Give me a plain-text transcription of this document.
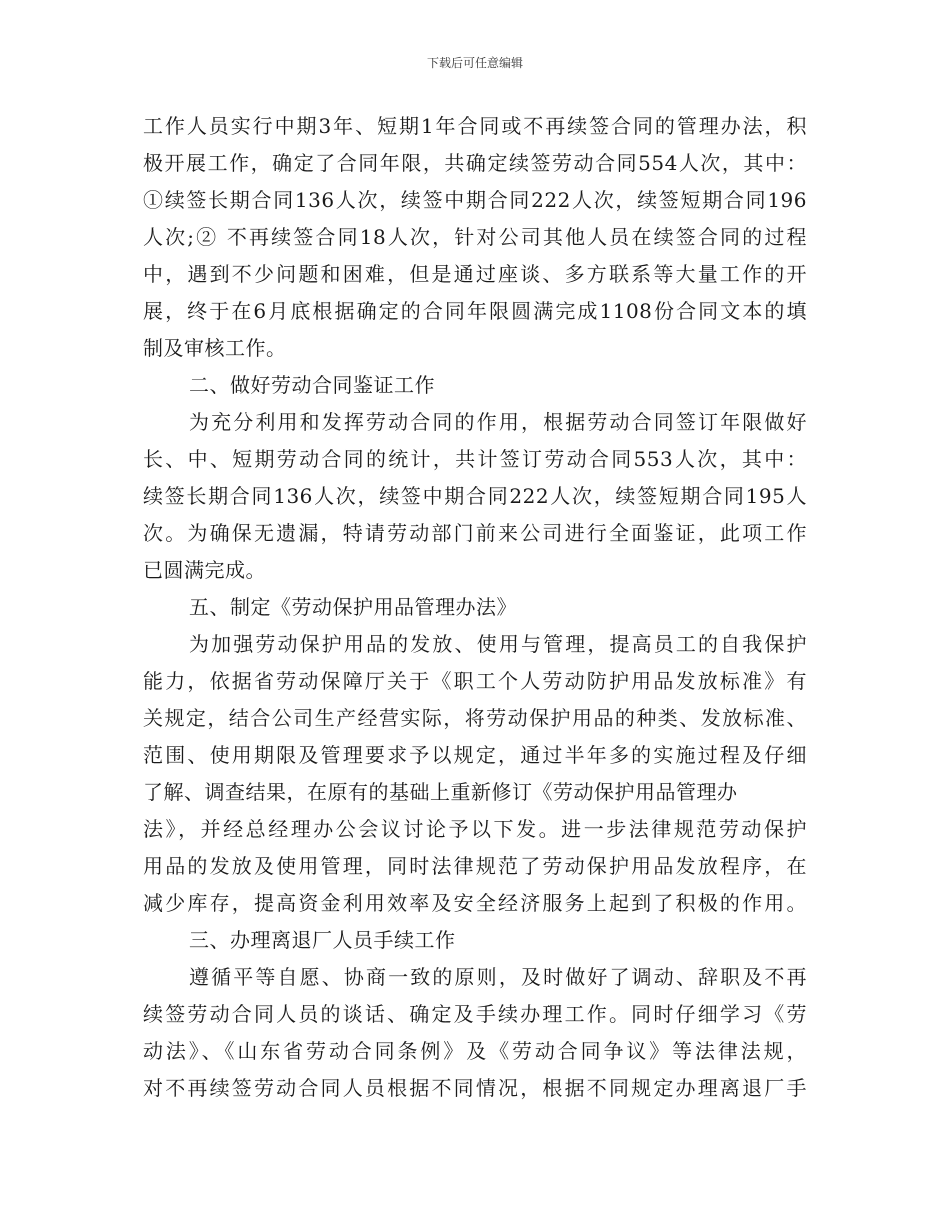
下载后可任意编辑
工作人员实行中期3年、短期1年合同或不再续签合同的管理办法，积
极开展工作，确定了合同年限，共确定续签劳动合同554人次，其中：
①续签长期合同136人次，续签中期合同222人次，续签短期合同196
人次;② 不再续签合同18人次，针对公司其他人员在续签合同的过程
中，遇到不少问题和困难，但是通过座谈、多方联系等大量工作的开
展，终于在6月底根据确定的合同年限圆满完成1108份合同文本的填
制及审核工作。
二、做好劳动合同鉴证工作
为充分利用和发挥劳动合同的作用，根据劳动合同签订年限做好
长、中、短期劳动合同的统计，共计签订劳动合同553人次，其中：
续签长期合同136人次，续签中期合同222人次，续签短期合同195人
次。为确保无遗漏，特请劳动部门前来公司进行全面鉴证，此项工作
已圆满完成。
五、制定《劳动保护用品管理办法》
为加强劳动保护用品的发放、使用与管理，提高员工的自我保护
能力，依据省劳动保障厅关于《职工个人劳动防护用品发放标准》有
关规定，结合公司生产经营实际，将劳动保护用品的种类、发放标准、
范围、使用期限及管理要求予以规定，通过半年多的实施过程及仔细
了解、调查结果，在原有的基础上重新修订《劳动保护用品管理办
法》，并经总经理办公会议讨论予以下发。进一步法律规范劳动保护
用品的发放及使用管理，同时法律规范了劳动保护用品发放程序，在
减少库存，提高资金利用效率及安全经济服务上起到了积极的作用。
三、办理离退厂人员手续工作
遵循平等自愿、协商一致的原则，及时做好了调动、辞职及不再
续签劳动合同人员的谈话、确定及手续办理工作。同时仔细学习《劳
动法》、《山东省劳动合同条例》及《劳动合同争议》等法律法规，
对不再续签劳动合同人员根据不同情况，根据不同规定办理离退厂手
